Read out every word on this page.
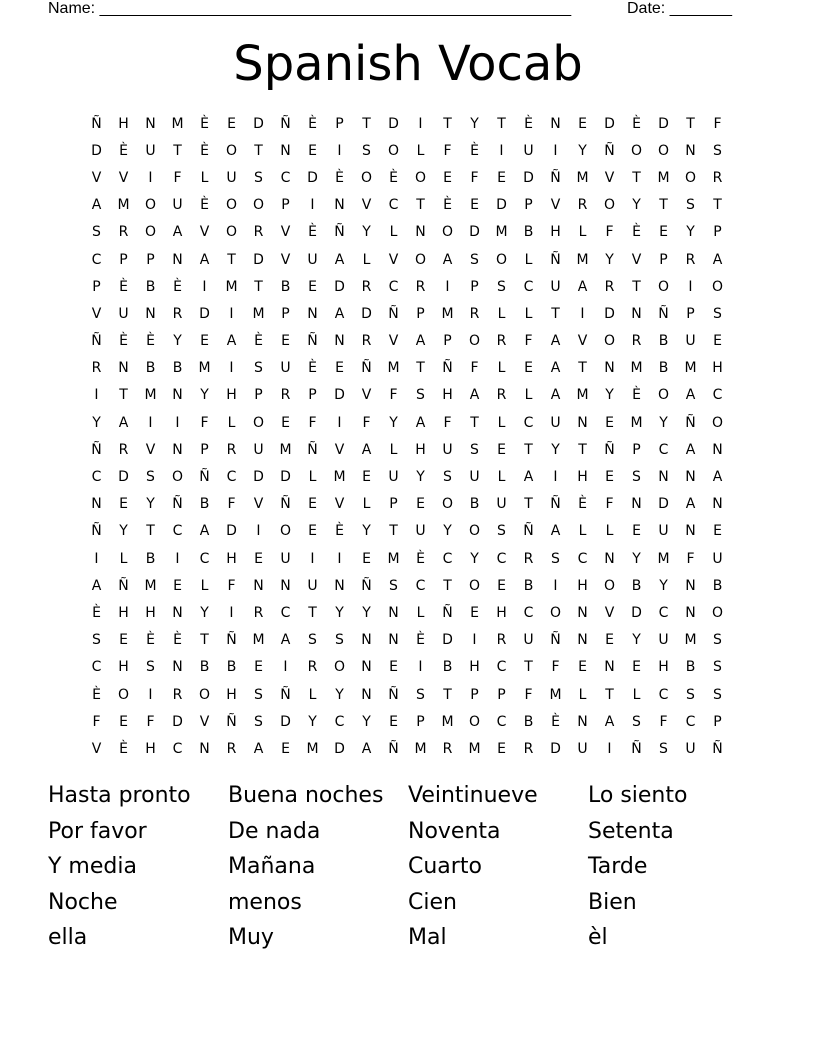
Name: _____________________________________________________

	Date: _______

Spanish Vocab
Ñ	H	N	M	È	E	D	Ñ	È	P	T	D	I	T	Y	T	È	N	E	D	È	D	T	F
D	È	U	T	È	O	T	N	E	I	S	O	L	F	È	I	U	I	Y	Ñ	O	O	N	S
V	V	I	F	L	U	S	C	D	È	O	È	O	E	F	E	D	Ñ	M	V	T	M	O	R
A	M	O	U	È	O	O	P	I	N	V	C	T	È	E	D	P	V	R	O	Y	T	S	T
S	R	O	A	V	O	R	V	È	Ñ	Y	L	N	O	D	M	B	H	L	F	È	E	Y	P
C	P	P	N	A	T	D	V	U	A	L	V	O	A	S	O	L	Ñ	M	Y	V	P	R	A
P	È	B	È	I	M	T	B	E	D	R	C	R	I	P	S	C	U	A	R	T	O	I	O
V	U	N	R	D	I	M	P	N	A	D	Ñ	P	M	R	L	L	T	I	D	N	Ñ	P	S
Ñ	È	È	Y	E	A	È	E	Ñ	N	R	V	A	P	O	R	F	A	V	O	R	B	U	E
R	N	B	B	M	I	S	U	È	E	Ñ	M	T	Ñ	F	L	E	A	T	N	M	B	M	H
I	T	M	N	Y	H	P	R	P	D	V	F	S	H	A	R	L	A	M	Y	È	O	A	C
Y	A	I	I	F	L	O	E	F	I	F	Y	A	F	T	L	C	U	N	E	M	Y	Ñ	O
Ñ	R	V	N	P	R	U	M	Ñ	V	A	L	H	U	S	E	T	Y	T	Ñ	P	C	A	N
C	D	S	O	Ñ	C	D	D	L	M	E	U	Y	S	U	L	A	I	H	E	S	N	N	A
N	E	Y	Ñ	B	F	V	Ñ	E	V	L	P	E	O	B	U	T	Ñ	È	F	N	D	A	N
Ñ	Y	T	C	A	D	I	O	E	È	Y	T	U	Y	O	S	Ñ	A	L	L	E	U	N	E
I	L	B	I	C	H	E	U	I	I	E	M	È	C	Y	C	R	S	C	N	Y	M	F	U
A	Ñ	M	E	L	F	N	N	U	N	Ñ	S	C	T	O	E	B	I	H	O	B	Y	N	B
È	H	H	N	Y	I	R	C	T	Y	Y	N	L	Ñ	E	H	C	O	N	V	D	C	N	O
S	E	È	È	T	Ñ	M	A	S	S	N	N	È	D	I	R	U	Ñ	N	E	Y	U	M	S
C	H	S	N	B	B	E	I	R	O	N	E	I	B	H	C	T	F	E	N	E	H	B	S
È	O	I	R	O	H	S	Ñ	L	Y	N	Ñ	S	T	P	P	F	M	L	T	L	C	S	S
F	E	F	D	V	Ñ	S	D	Y	C	Y	E	P	M	O	C	B	È	N	A	S	F	C	P
V	È	H	C	N	R	A	E	M	D	A	Ñ	M	R	M	E	R	D	U	I	Ñ	S	U	Ñ
Hasta pronto	Buena noches	Veintinueve	Lo siento
Por favor	De nada	Noventa	Setenta
Y media	Mañana	Cuarto	Tarde
Noche	menos	Cien	Bien
ella	Muy	Mal	èl
